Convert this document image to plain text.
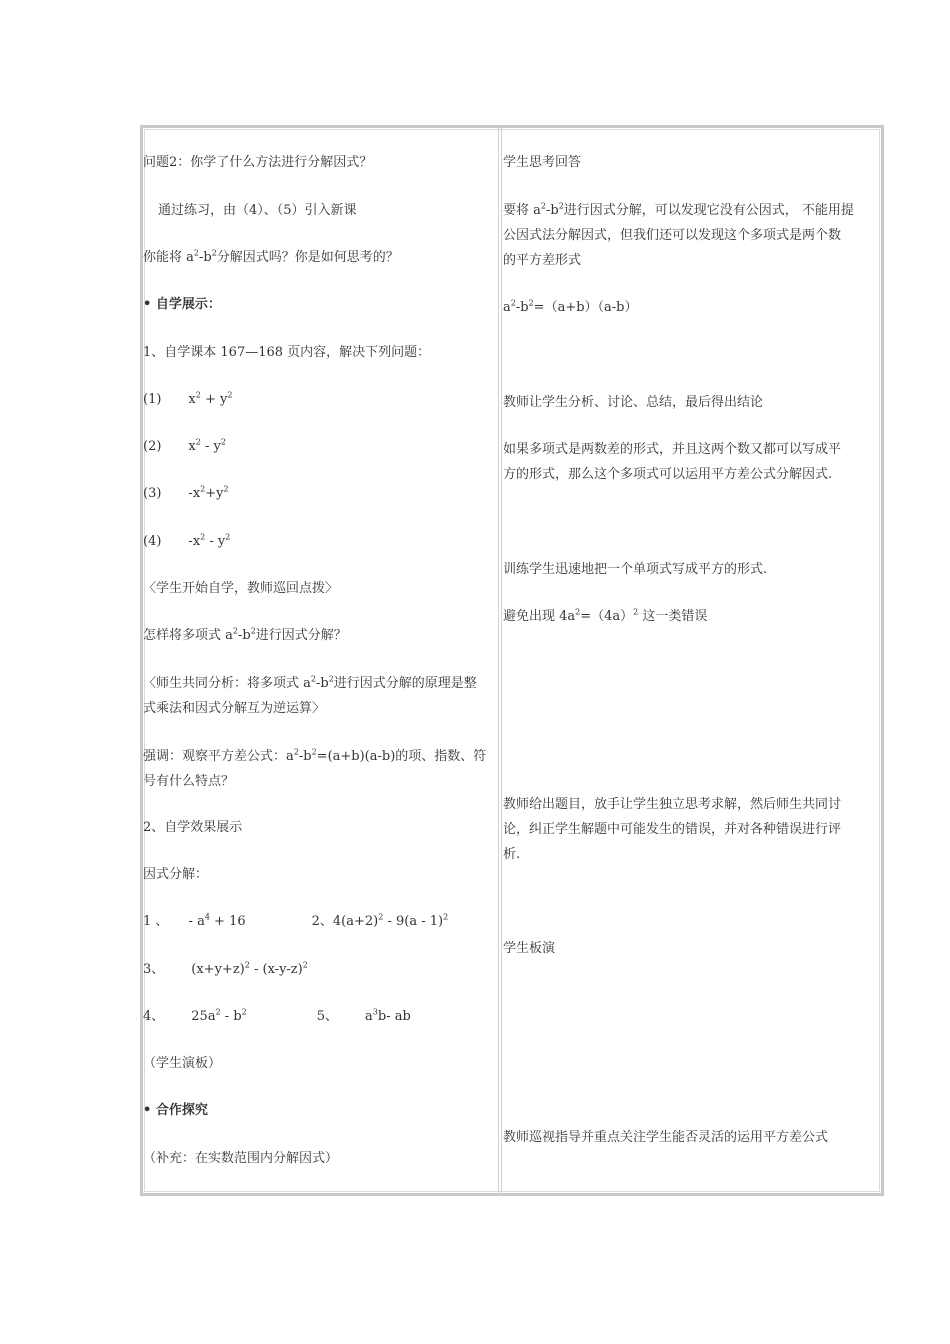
问题2：你学了什么方法进行分解因式？
通过练习，由（4）、（5）引入新课
你能将 $a^2-b^2$分解因式吗？你是如何思考的？
• 自学展示：
1、自学课本 167—168 页内容，解决下列问题：
(1) $x^2 + y^2$
(2) $x^2 - y^2$
(3) $-x^2+y^2$
(4) $-x^2 - y^2$
〈学生开始自学，教师巡回点拨〉
怎样将多项式 $a^2-b^2$进行因式分解？
〈师生共同分析：将多项式 $a^2-b^2$进行因式分解的原理是整
式乘法和因式分解互为逆运算〉
强调：观察平方差公式：$a^2-b^2=(a+b)(a-b)$的项、指数、符
号有什么特点？
2、自学效果展示
因式分解：
1 、 - $a^4 + 16$	2、$4(a+2)^2 - 9(a - 1)^2$
3、 $(x+y+z)^2 - (x-y-z)^2$
4、 $25a^2 - b^2$	5、 $a^3b-$ ab
（学生演板）
• 合作探究
（补充：在实数范围内分解因式）
学生思考回答
要将 $a^2-b^2$进行因式分解，可以发现它没有公因式， 不能用提
公因式法分解因式，但我们还可以发现这个多项式是两个数
的平方差形式
$a^2-b^2=(a+b)(a-b)$
教师让学生分析、讨论、总结，最后得出结论
如果多项式是两数差的形式，并且这两个数又都可以写成平
方的形式，那么这个多项式可以运用平方差公式分解因式.
训练学生迅速地把一个单项式写成平方的形式.
避免出现 $4a^2=(4a)^2$ 这一类错误
教师给出题目，放手让学生独立思考求解，然后师生共同讨
论，纠正学生解题中可能发生的错误，并对各种错误进行评
析.
学生板演
教师巡视指导并重点关注学生能否灵活的运用平方差公式
